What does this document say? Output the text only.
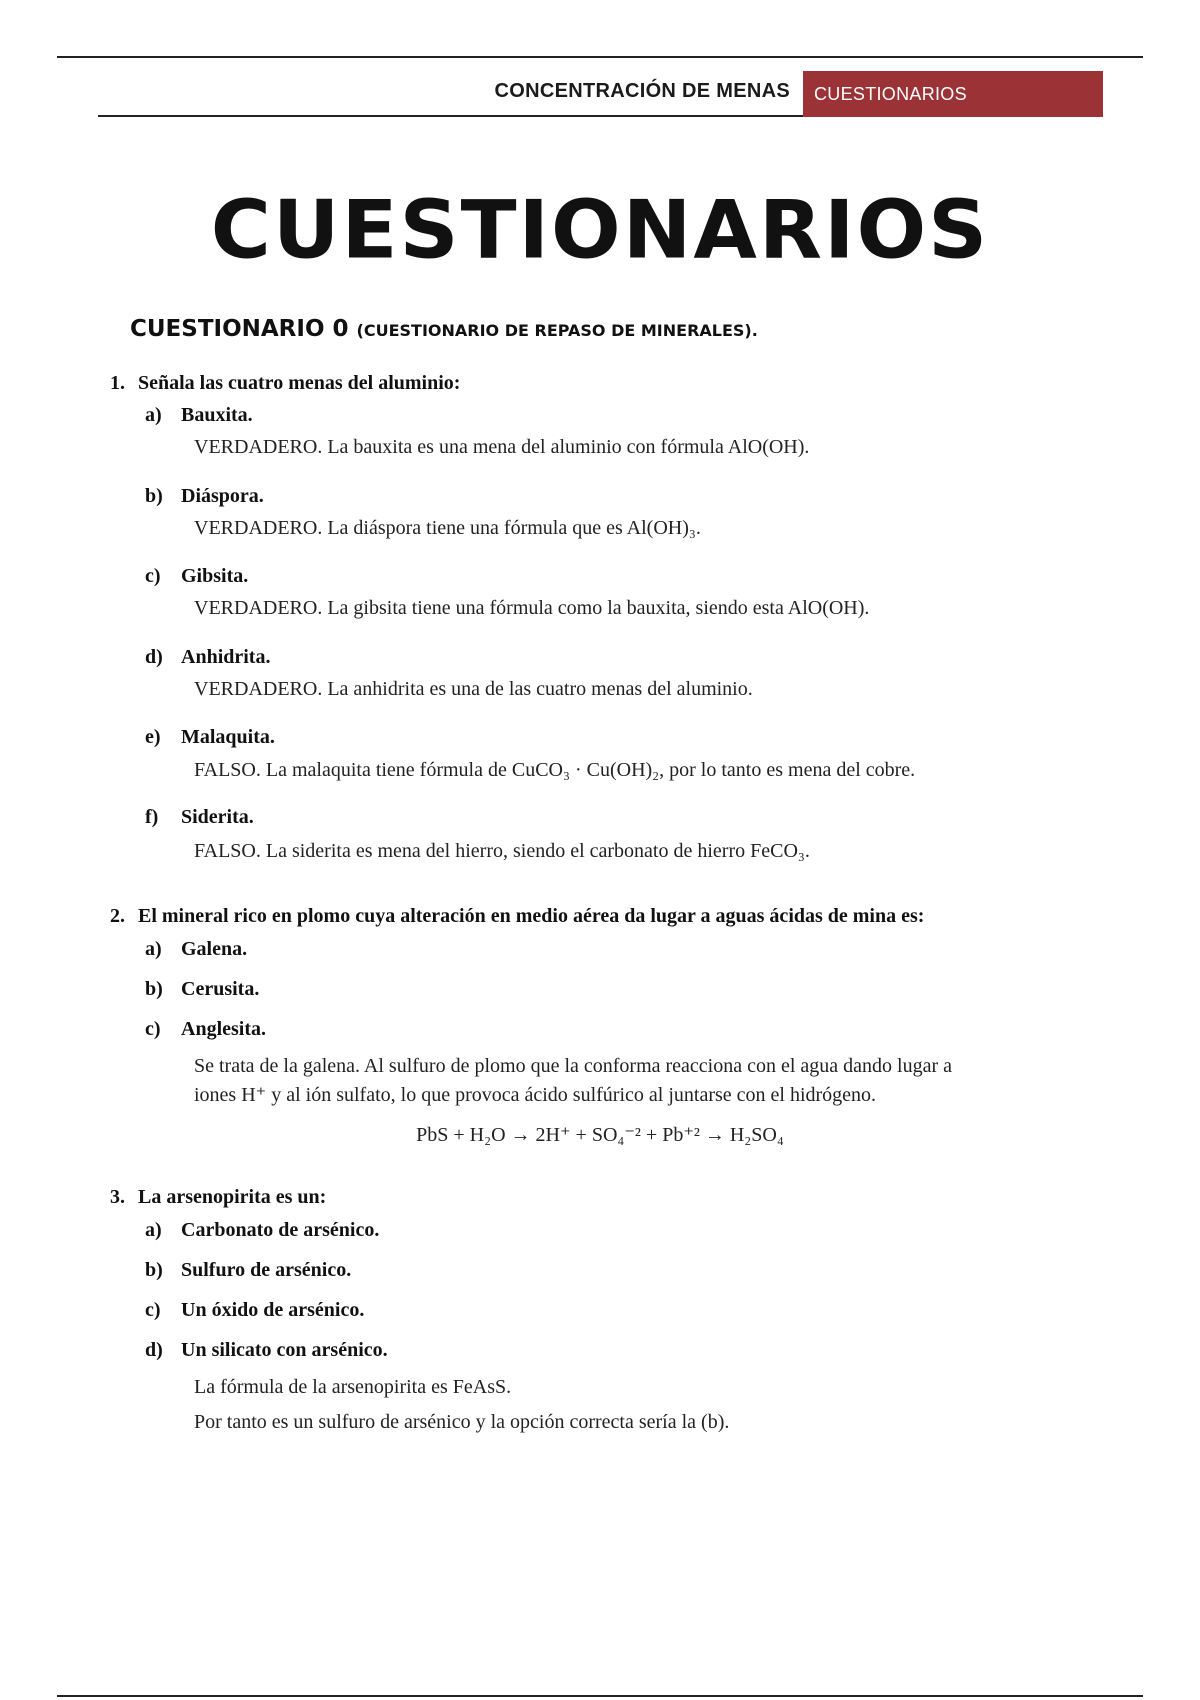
CONCENTRACIÓN DE MENAS	CUESTIONARIOS
CUESTIONARIOS
CUESTIONARIO 0 (CUESTIONARIO DE REPASO DE MINERALES).
1. Señala las cuatro menas del aluminio:
a) Bauxita.
VERDADERO. La bauxita es una mena del aluminio con fórmula AlO(OH).
b) Diáspora.
VERDADERO. La diáspora tiene una fórmula que es Al(OH)₃.
c) Gibsita.
VERDADERO. La gibsita tiene una fórmula como la bauxita, siendo esta AlO(OH).
d) Anhidrita.
VERDADERO. La anhidrita es una de las cuatro menas del aluminio.
e) Malaquita.
FALSO. La malaquita tiene fórmula de CuCO₃ · Cu(OH)₂, por lo tanto es mena del cobre.
f) Siderita.
FALSO. La siderita es mena del hierro, siendo el carbonato de hierro FeCO₃.
2. El mineral rico en plomo cuya alteración en medio aérea da lugar a aguas ácidas de mina es:
a) Galena.
b) Cerusita.
c) Anglesita.
Se trata de la galena. Al sulfuro de plomo que la conforma reacciona con el agua dando lugar a
iones H⁺ y al ión sulfato, lo que provoca ácido sulfúrico al juntarse con el hidrógeno.
PbS + H₂O → 2H⁺ + SO₄⁻² + Pb⁺² → H₂SO₄
3. La arsenopirita es un:
a) Carbonato de arsénico.
b) Sulfuro de arsénico.
c) Un óxido de arsénico.
d) Un silicato con arsénico.
La fórmula de la arsenopirita es FeAsS.
Por tanto es un sulfuro de arsénico y la opción correcta sería la (b).
